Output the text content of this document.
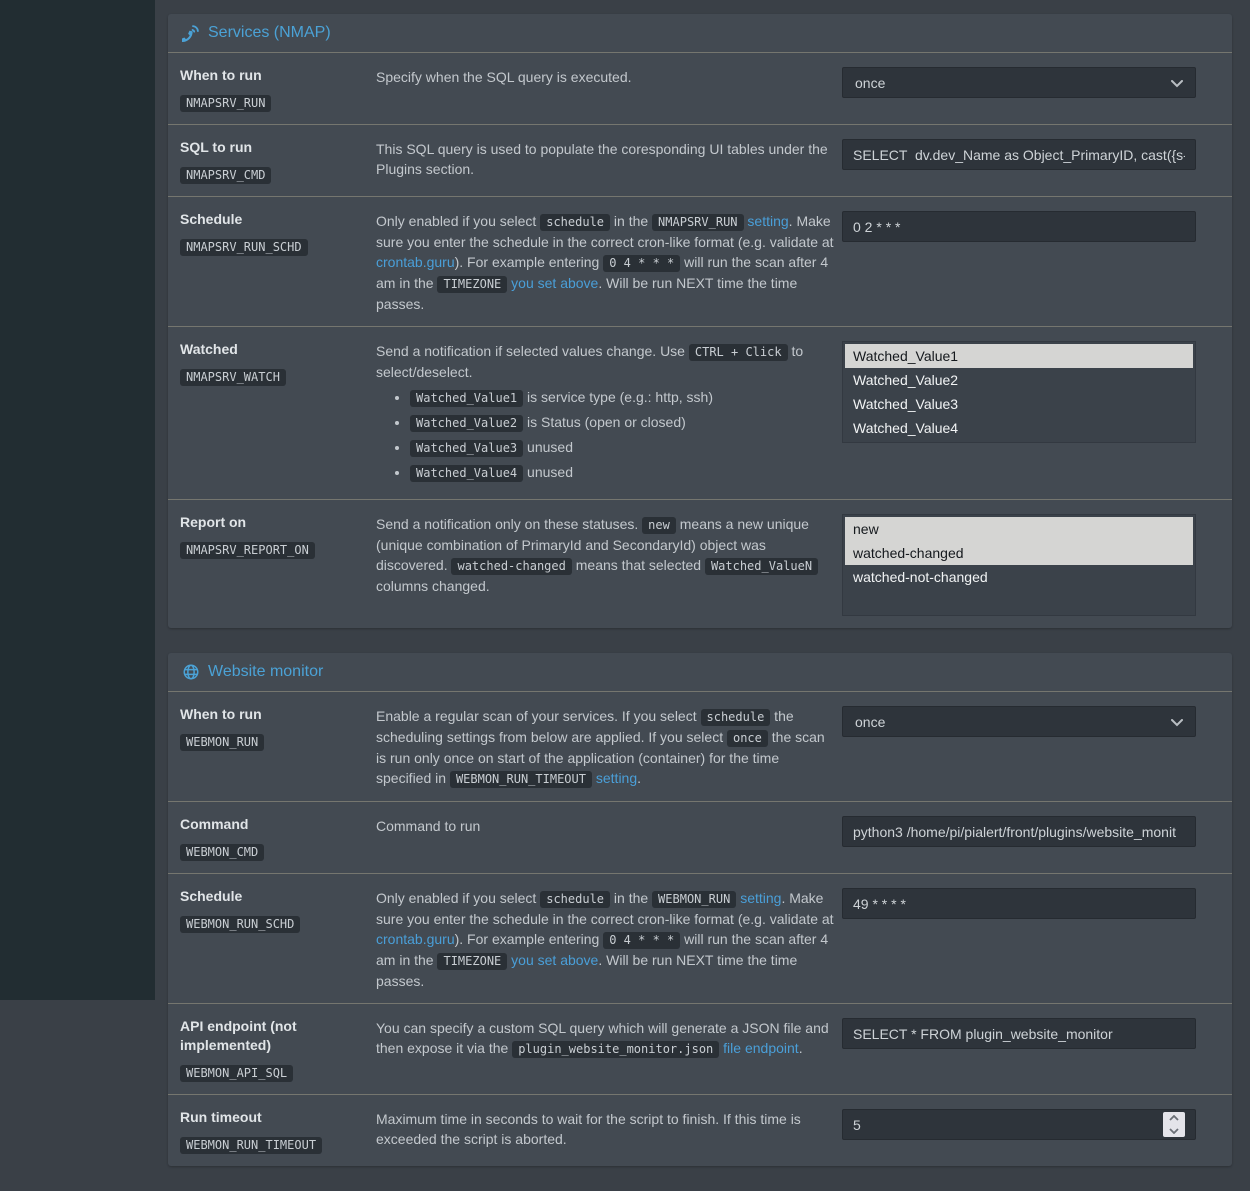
Services (NMAP)
When to run
NMAPSRV_RUN
Specify when the SQL query is executed.	once
SQL to run
NMAPSRV_CMD
This SQL query is used to populate the coresponding UI tables under the Plugins section.
SELECT dv.dev_Name as Object_PrimaryID, cast({s-quo
Schedule
NMAPSRV_RUN_SCHD
Only enabled if you select schedule in the NMAPSRV_RUN setting. Make sure you enter the schedule in the correct cron-like format (e.g. validate at crontab.guru). For example entering 0 4 * * * will run the scan after 4 am in the TIMEZONE you set above. Will be run NEXT time the time passes.
0 2 * * *
Watched
NMAPSRV_WATCH
Send a notification if selected values change. Use CTRL + Click to select/deselect.
• Watched_Value1 is service type (e.g.: http, ssh)
• Watched_Value2 is Status (open or closed)
• Watched_Value3 unused
• Watched_Value4 unused
Watched_Value1
Watched_Value2
Watched_Value3
Watched_Value4
Report on
NMAPSRV_REPORT_ON
Send a notification only on these statuses. new means a new unique (unique combination of PrimaryId and SecondaryId) object was discovered. watched-changed means that selected Watched_ValueN columns changed.
new
watched-changed
watched-not-changed
Website monitor
When to run
WEBMON_RUN
Enable a regular scan of your services. If you select schedule the scheduling settings from below are applied. If you select once the scan is run only once on start of the application (container) for the time specified in WEBMON_RUN_TIMEOUT setting.
once
Command
WEBMON_CMD
Command to run
python3 /home/pi/pialert/front/plugins/website_monit
Schedule
WEBMON_RUN_SCHD
Only enabled if you select schedule in the WEBMON_RUN setting. Make sure you enter the schedule in the correct cron-like format (e.g. validate at crontab.guru). For example entering 0 4 * * * will run the scan after 4 am in the TIMEZONE you set above. Will be run NEXT time the time passes.
49 * * * *
API endpoint (not implemented)
WEBMON_API_SQL
You can specify a custom SQL query which will generate a JSON file and then expose it via the plugin_website_monitor.json file endpoint.
SELECT * FROM plugin_website_monitor
Run timeout
WEBMON_RUN_TIMEOUT
Maximum time in seconds to wait for the script to finish. If this time is exceeded the script is aborted.
5
